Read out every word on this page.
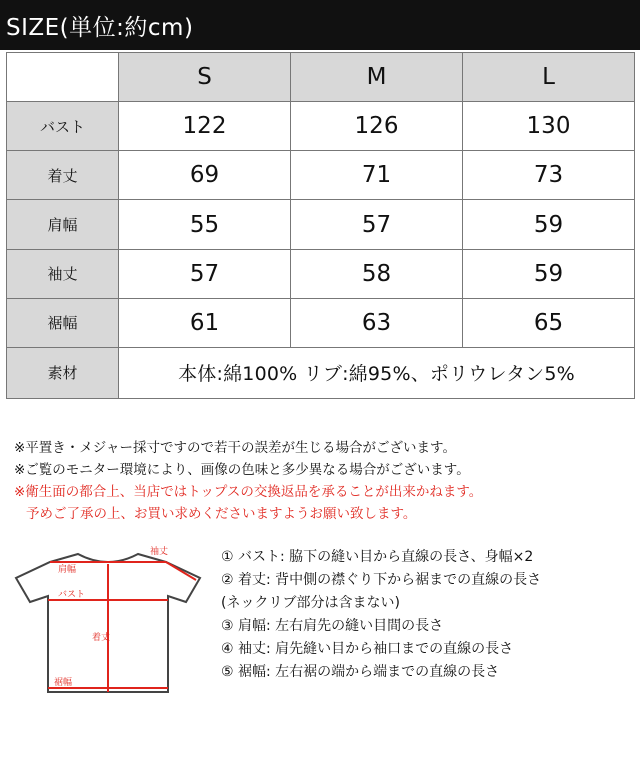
SIZE(単位:約cm)
	S	M	L
バスト	122	126	130
着丈	69	71	73
肩幅	55	57	59
袖丈	57	58	59
裾幅	61	63	65
素材	本体:綿100% リブ:綿95%、ポリウレタン5%		
※平置き・メジャー採寸ですので若干の誤差が生じる場合がございます。
※ご覧のモニター環境により、画像の色味と多少異なる場合がございます。
※衛生面の都合上、当店ではトップスの交換返品を承ることが出来かねます。
予めご了承の上、お買い求めくださいますようお願い致します。
袖丈
肩幅
バスト
着丈
裾幅
① バスト: 脇下の縫い目から直線の長さ、身幅×2
② 着丈: 背中側の襟ぐり下から裾までの直線の長さ
(ネックリブ部分は含まない)
③ 肩幅: 左右肩先の縫い目間の長さ
④ 袖丈: 肩先縫い目から袖口までの直線の長さ
⑤ 裾幅: 左右裾の端から端までの直線の長さ
